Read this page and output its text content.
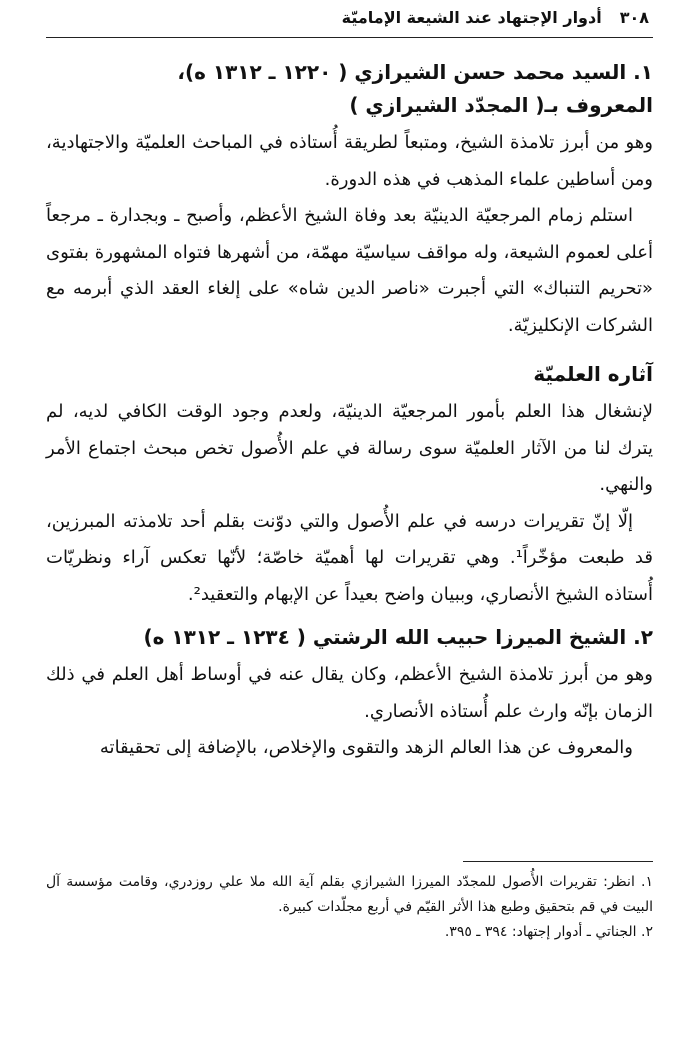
٣٠٨
أدوار الإجتهاد عند الشيعة الإماميّة

١. السيد محمد حسن الشيرازي ( ١٢٢٠ ـ ١٣١٢ ه)،

المعروف بـ( المجدّد الشيرازي )

وهو من أبرز تلامذة الشيخ، ومتبعاً لطريقة أُستاذه في المباحث العلميّة والاجتهادية، ومن أساطين علماء المذهب في هذه الدورة.

استلم زمام المرجعيّة الدينيّة بعد وفاة الشيخ الأعظم، وأصبح ـ وبجدارة ـ مرجعاً أعلى لعموم الشيعة، وله مواقف سياسيّة مهمّة، من أشهرها فتواه المشهورة بفتوى «تحريم التنباك» التي أجبرت «ناصر الدين شاه» على إلغاء العقد الذي أبرمه مع الشركات الإنكليزيّة.

آثاره العلميّة

لإنشغال هذا العلم بأمور المرجعيّة الدينيّة، ولعدم وجود الوقت الكافي لديه، لم يترك لنا من الآثار العلميّة سوى رسالة في علم الأُصول تخص مبحث اجتماع الأمر والنهي.

إلّا إنّ تقريرات درسه في علم الأُصول والتي دوّنت بقلم أحد تلامذته المبرزين، قد طبعت مؤخّراً¹. وهي تقريرات لها أهميّة خاصّة؛ لأنّها تعكس آراء ونظريّات أُستاذه الشيخ الأنصاري، وببيان واضح بعيداً عن الإبهام والتعقيد².

٢. الشيخ الميرزا حبيب الله الرشتي ( ١٢٣٤ ـ ١٣١٢ ه)

وهو من أبرز تلامذة الشيخ الأعظم، وكان يقال عنه في أوساط أهل العلم في ذلك الزمان بإنّه وارث علم أُستاذه الأنصاري.

والمعروف عن هذا العالم الزهد والتقوى والإخلاص، بالإضافة إلى تحقيقاته

١. انظر: تقريرات الأُصول للمجدّد الميرزا الشيرازي بقلم آية الله ملا علي روزدري، وقامت مؤسسة آل البيت في قم بتحقيق وطبع هذا الأثر القيّم في أربع مجلّدات كبيرة.

٢. الجناتي ـ أدوار إجتهاد: ٣٩٤ ـ ٣٩٥.
